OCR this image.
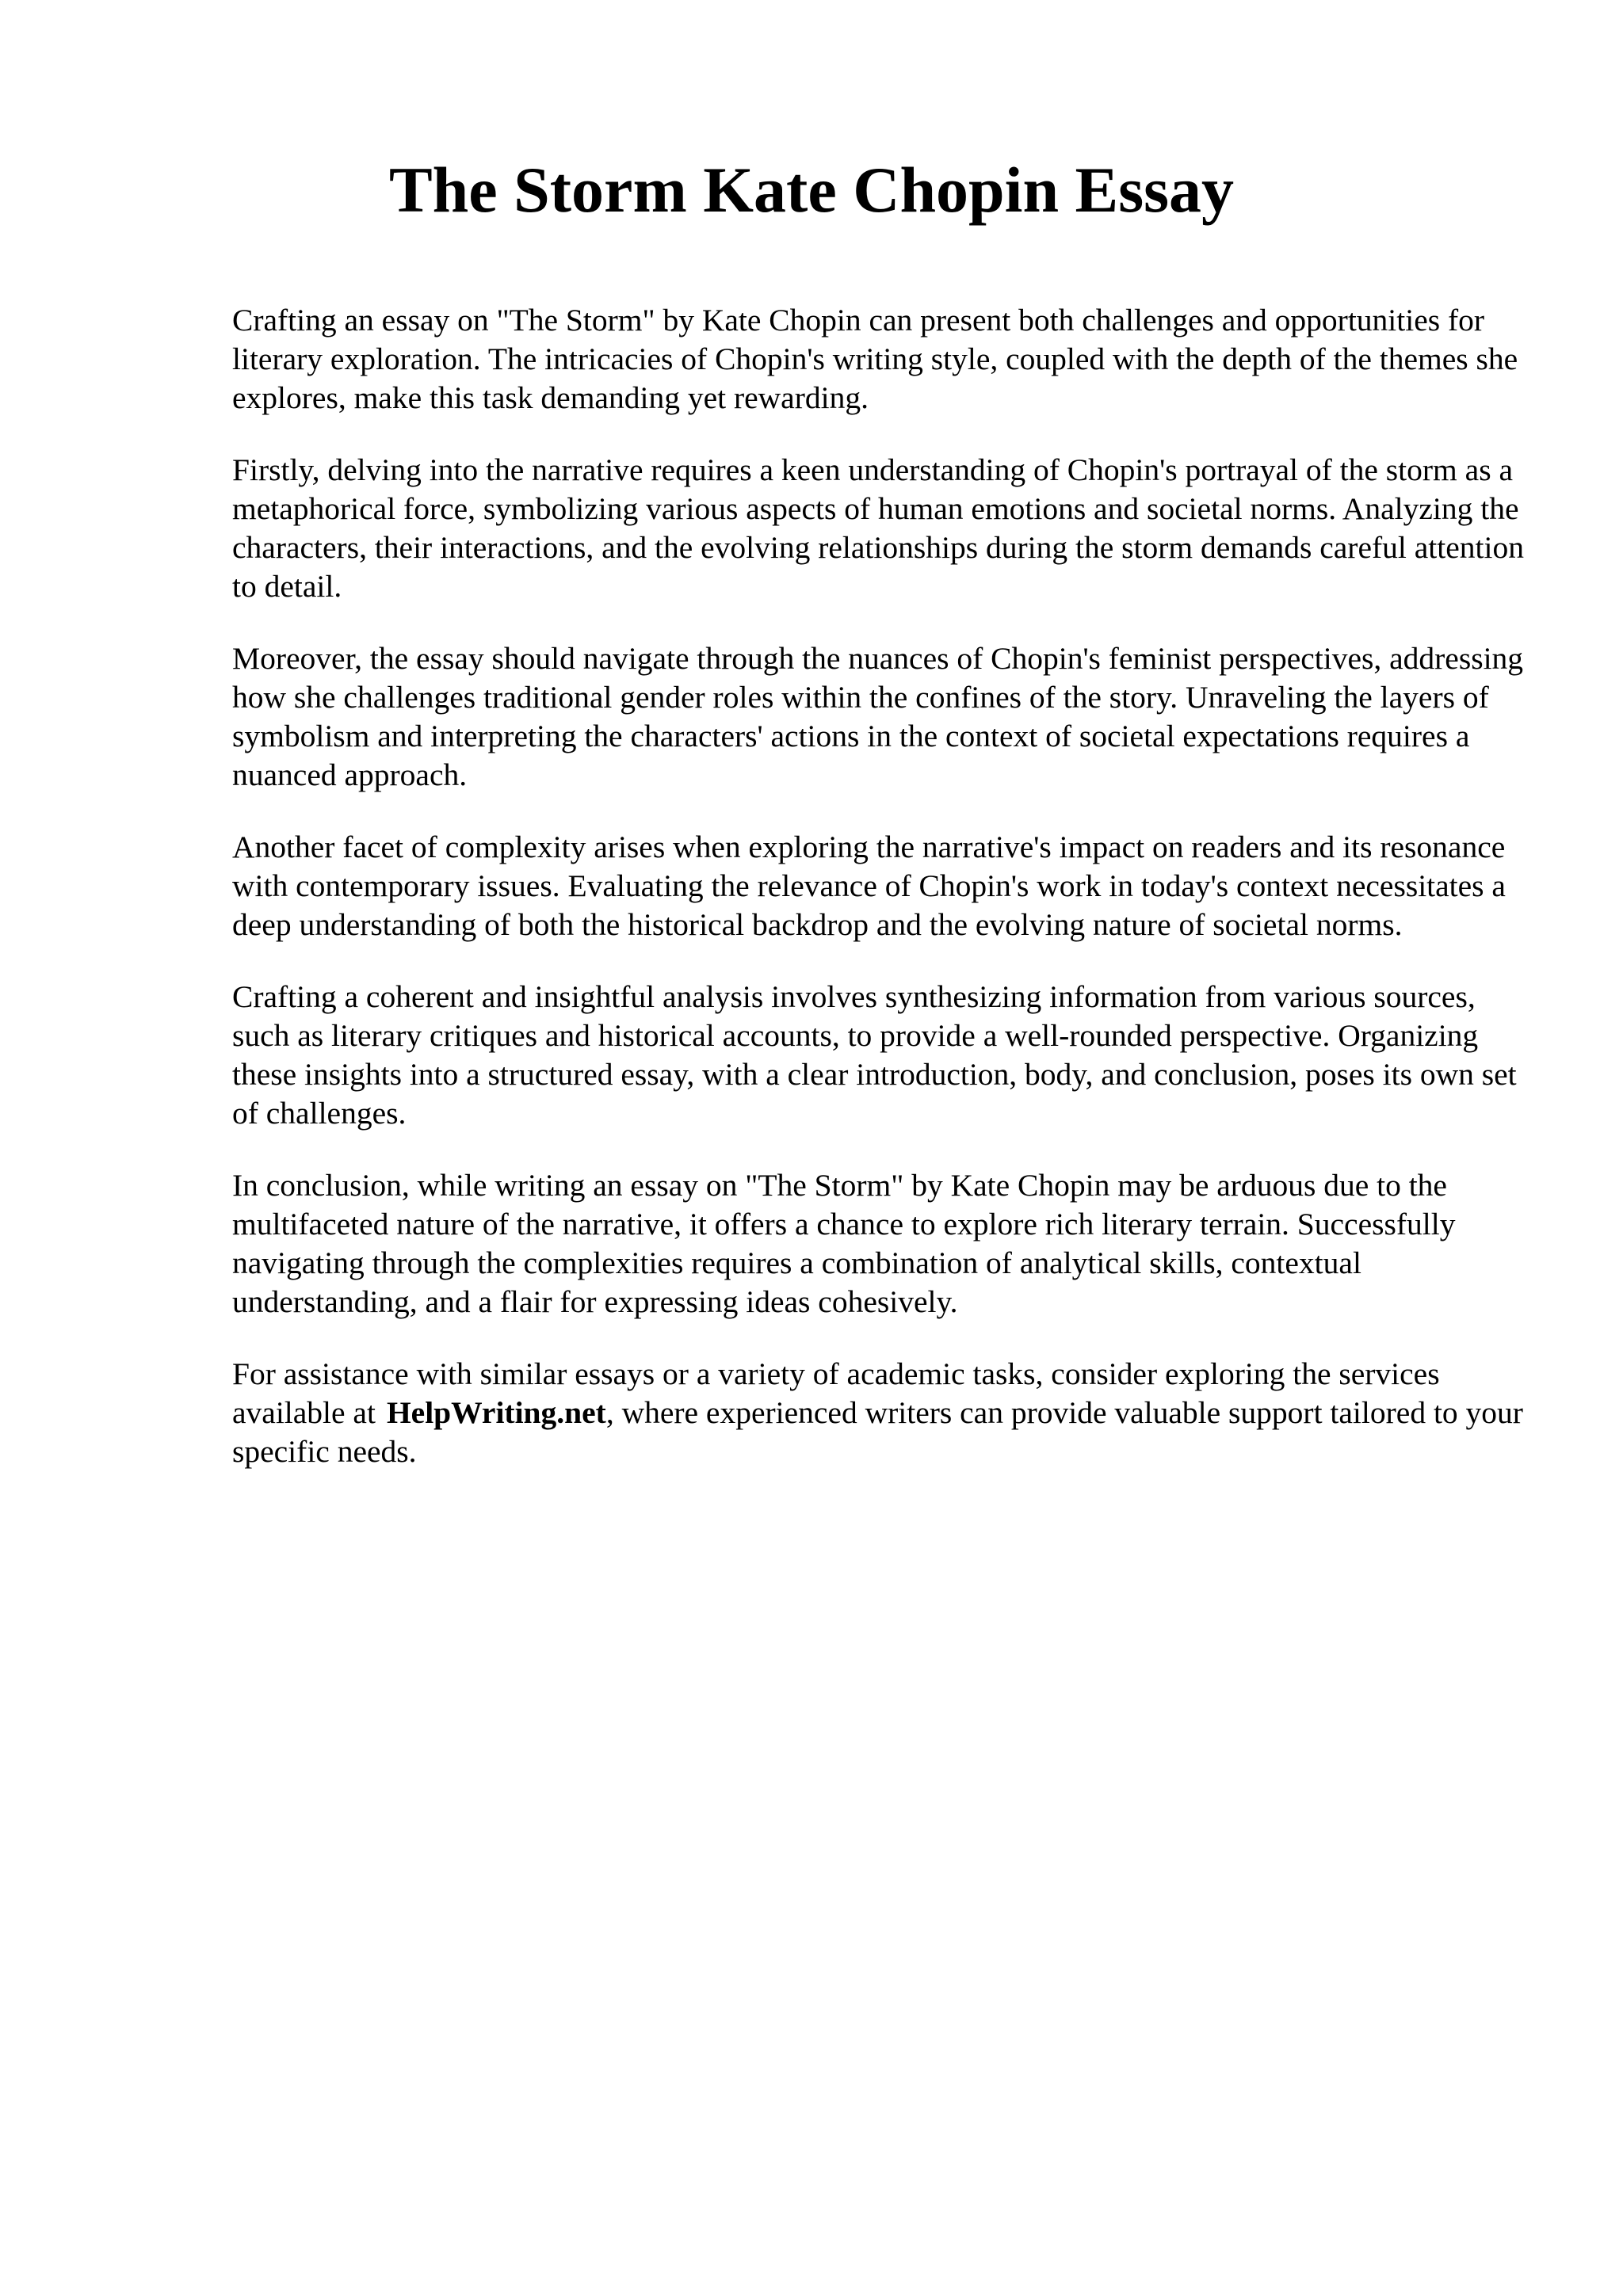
The Storm Kate Chopin Essay

Crafting an essay on "The Storm" by Kate Chopin can present both challenges and opportunities for literary exploration. The intricacies of Chopin's writing style, coupled with the depth of the themes she explores, make this task demanding yet rewarding.

Firstly, delving into the narrative requires a keen understanding of Chopin's portrayal of the storm as a metaphorical force, symbolizing various aspects of human emotions and societal norms. Analyzing the characters, their interactions, and the evolving relationships during the storm demands careful attention to detail.

Moreover, the essay should navigate through the nuances of Chopin's feminist perspectives, addressing how she challenges traditional gender roles within the confines of the story. Unraveling the layers of symbolism and interpreting the characters' actions in the context of societal expectations requires a nuanced approach.

Another facet of complexity arises when exploring the narrative's impact on readers and its resonance with contemporary issues. Evaluating the relevance of Chopin's work in today's context necessitates a deep understanding of both the historical backdrop and the evolving nature of societal norms.

Crafting a coherent and insightful analysis involves synthesizing information from various sources, such as literary critiques and historical accounts, to provide a well-rounded perspective. Organizing these insights into a structured essay, with a clear introduction, body, and conclusion, poses its own set of challenges.

In conclusion, while writing an essay on "The Storm" by Kate Chopin may be arduous due to the multifaceted nature of the narrative, it offers a chance to explore rich literary terrain. Successfully navigating through the complexities requires a combination of analytical skills, contextual understanding, and a flair for expressing ideas cohesively.

For assistance with similar essays or a variety of academic tasks, consider exploring the services available at HelpWriting.net, where experienced writers can provide valuable support tailored to your specific needs.
